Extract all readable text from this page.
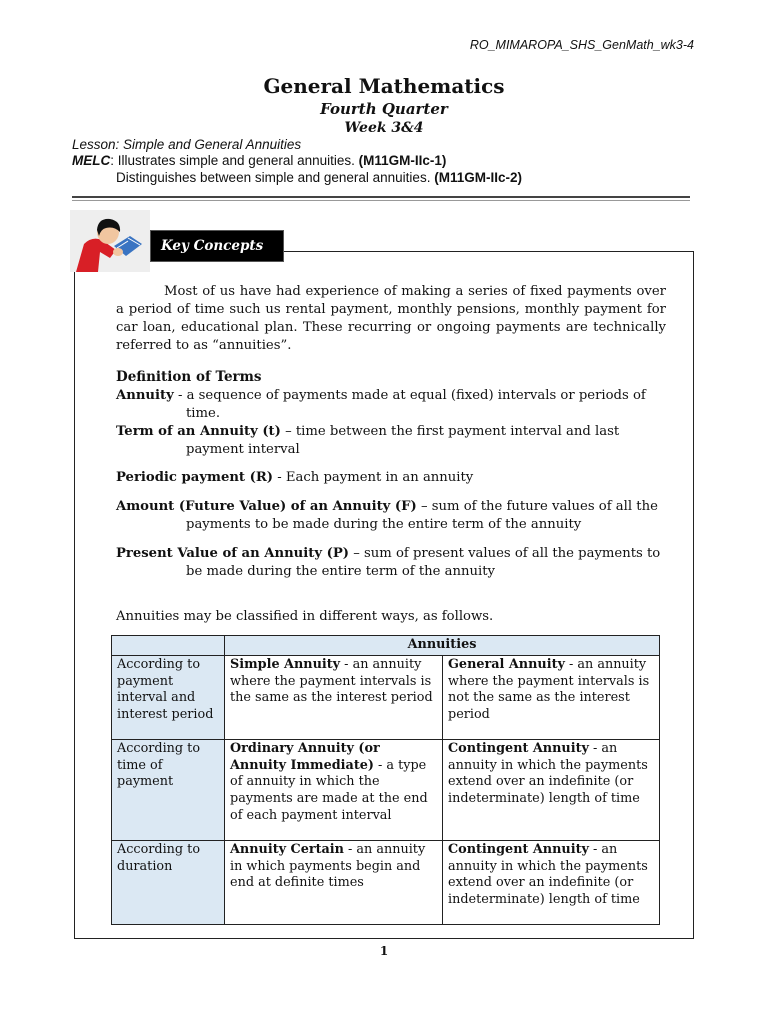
RO_MIMAROPA_SHS_GenMath_wk3-4
General Mathematics
Fourth Quarter
Week 3&4
Lesson: Simple and General Annuities
MELC: Illustrates simple and general annuities. (M11GM-IIc-1)
Distinguishes between simple and general annuities. (M11GM-IIc-2)
Key Concepts
Most of us have had experience of making a series of fixed payments over a period of time such us rental payment, monthly pensions, monthly payment for car loan, educational plan. These recurring or ongoing payments are technically referred to as “annuities”.
Definition of Terms
Annuity - a sequence of payments made at equal (fixed) intervals or periods of
time.
Term of an Annuity (t) – time between the first payment interval and last
payment interval
Periodic payment (R) - Each payment in an annuity
Amount (Future Value) of an Annuity (F) – sum of the future values of all the
payments to be made during the entire term of the annuity
Present Value of an Annuity (P) – sum of present values of all the payments to
be made during the entire term of the annuity
Annuities may be classified in different ways, as follows.
	Annuities	
According to payment interval and interest period	Simple Annuity - an annuity where the payment intervals is the same as the interest period	General Annuity - an annuity where the payment intervals is not the same as the interest period
According to time of payment	Ordinary Annuity (or Annuity Immediate) - a type of annuity in which the payments are made at the end of each payment interval	Contingent Annuity - an annuity in which the payments extend over an indefinite (or indeterminate) length of time
According to duration	Annuity Certain - an annuity in which payments begin and end at definite times	Contingent Annuity - an annuity in which the payments extend over an indefinite (or indeterminate) length of time
1
